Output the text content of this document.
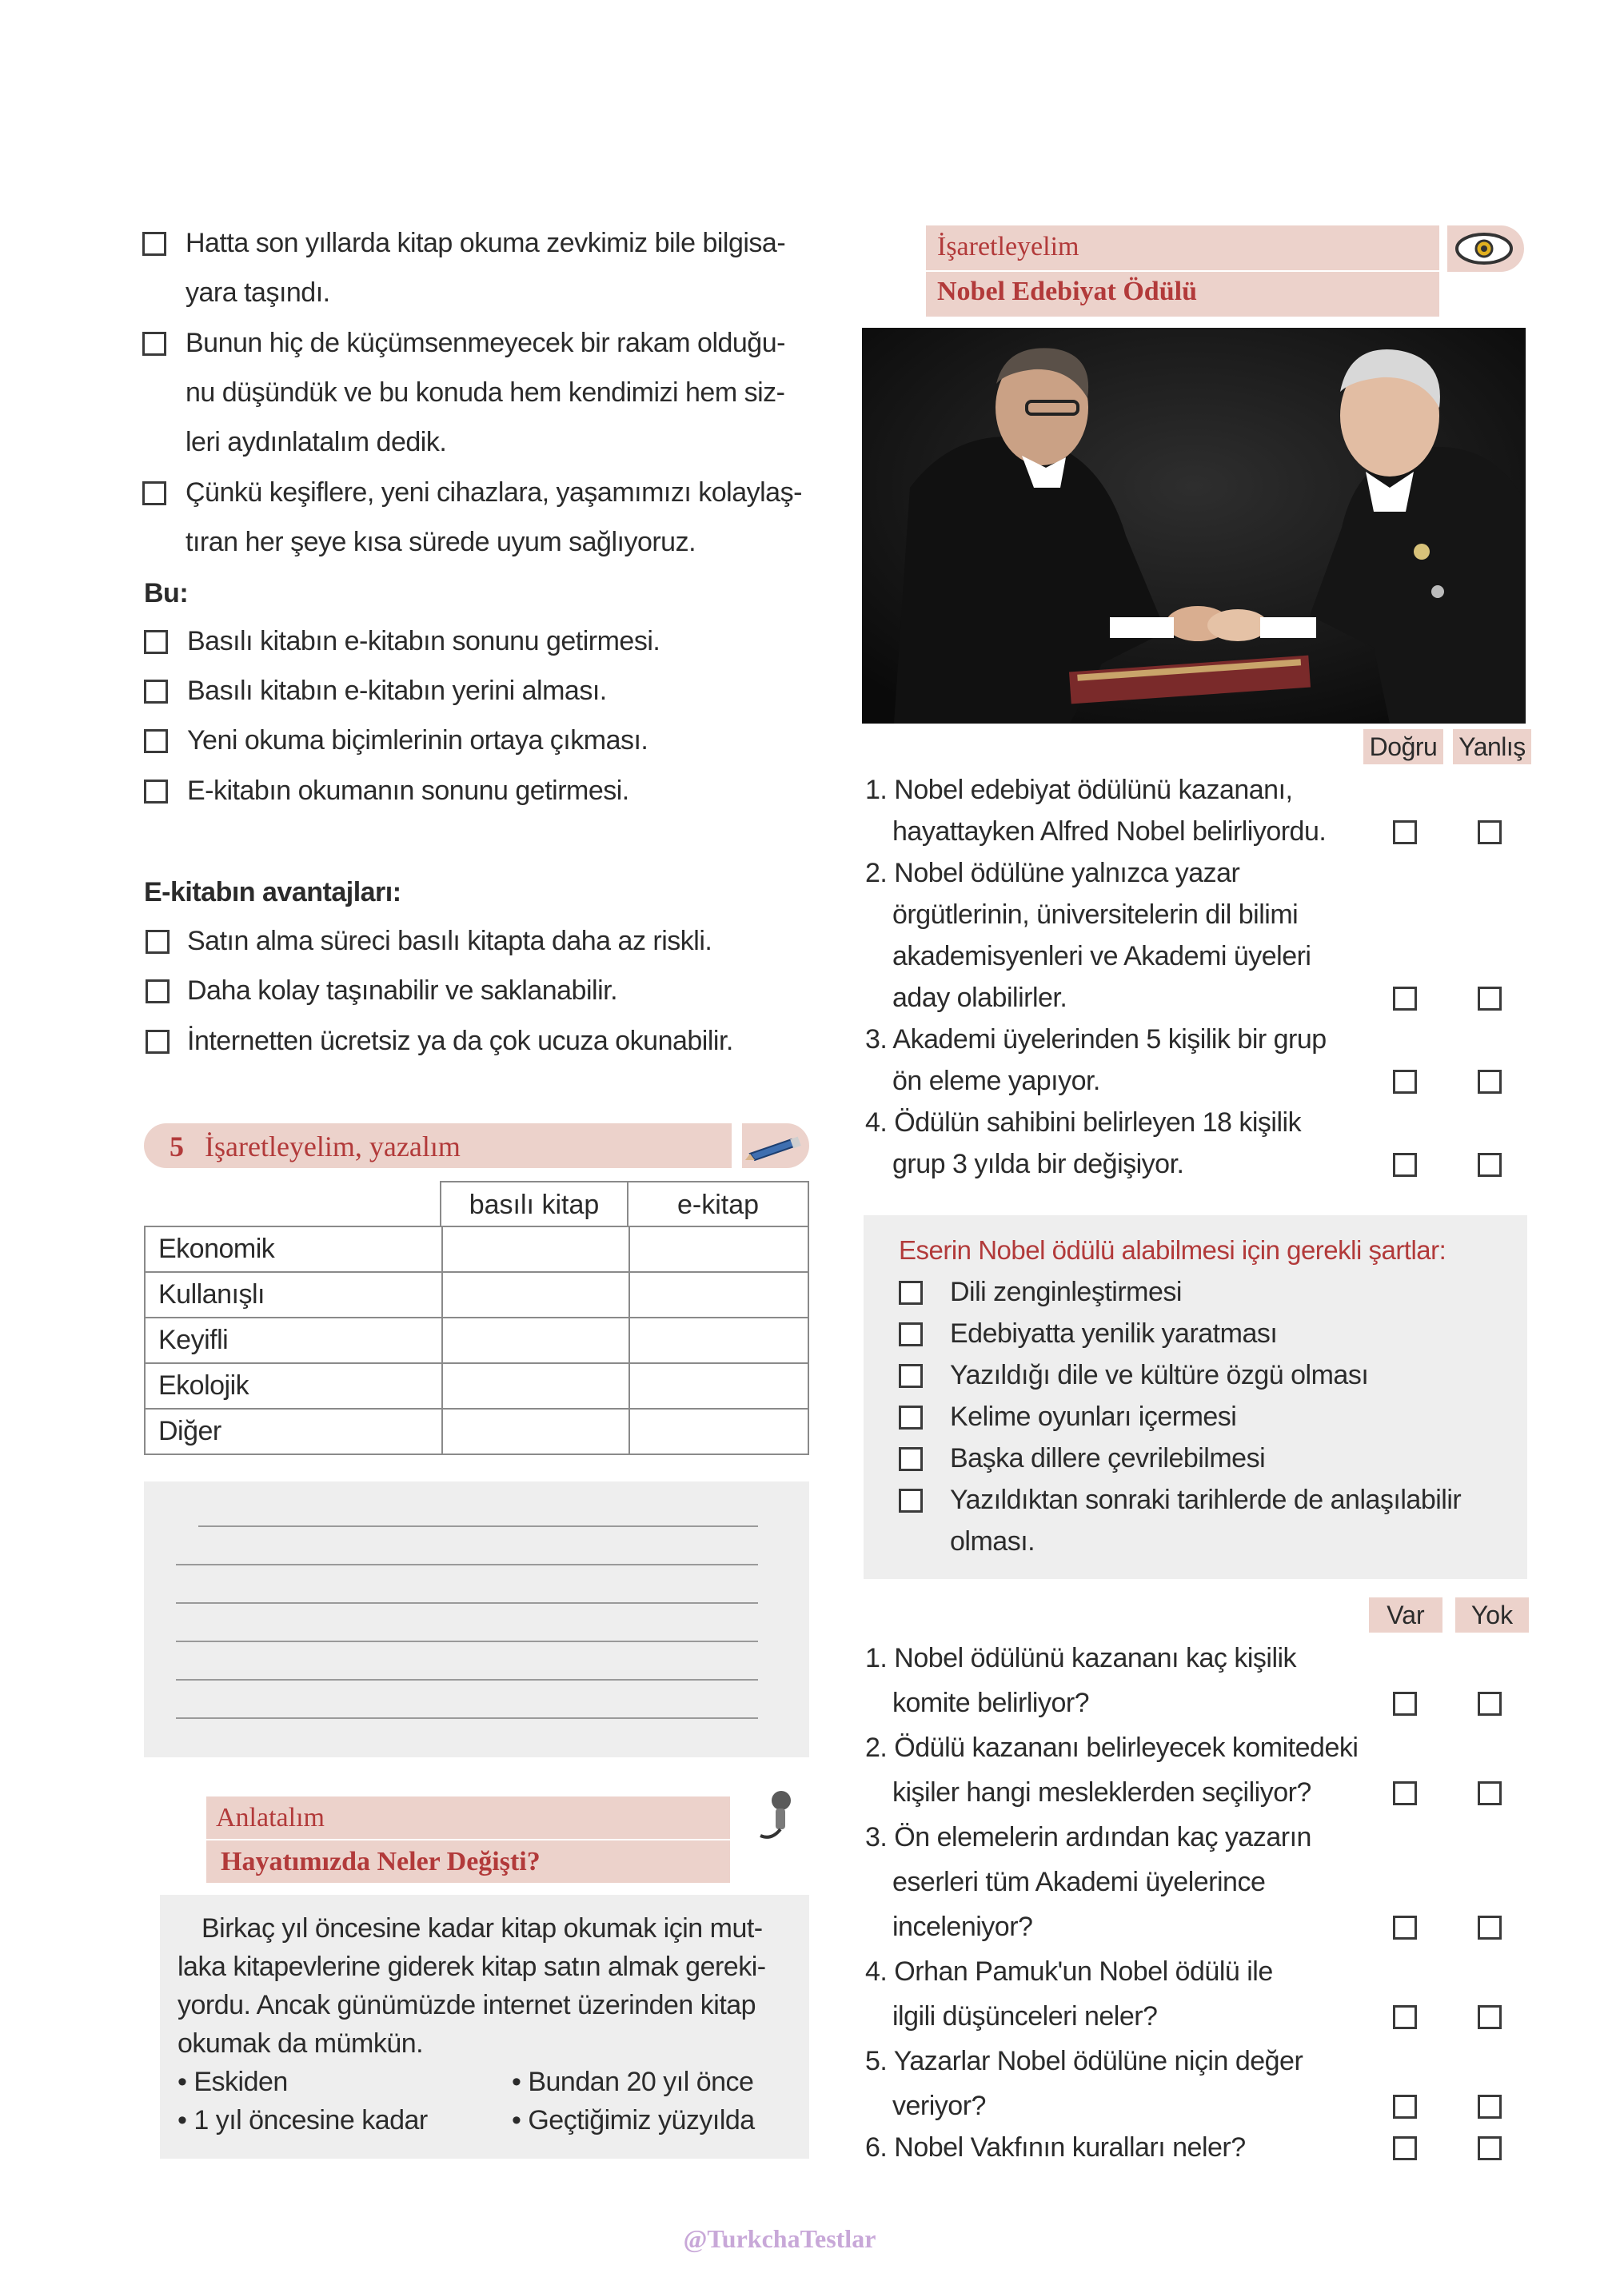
Hatta son yıllarda kitap okuma zevkimiz bile bilgisa-
yara taşındı.
Bunun hiç de küçümsenmeyecek bir rakam olduğu-
nu düşündük ve bu konuda hem kendimizi hem siz-
leri aydınlatalım dedik.
Çünkü keşiflere, yeni cihazlara, yaşamımızı kolaylaş-
tıran her şeye kısa sürede uyum sağlıyoruz.
Bu:
Basılı kitabın e-kitabın sonunu getirmesi.
Basılı kitabın e-kitabın yerini alması.
Yeni okuma biçimlerinin ortaya çıkması.
E-kitabın okumanın sonunu getirmesi.
E-kitabın avantajları:
Satın alma süreci basılı kitapta daha az riskli.
Daha kolay taşınabilir ve saklanabilir.
İnternetten ücretsiz ya da çok ucuza okunabilir.
5 İşaretleyelim, yazalım
basılı kitap	e-kitap
Ekonomik		
Kullanışlı		
Keyifli		
Ekolojik		
Diğer		
Anlatalım
Hayatımızda Neler Değişti?
Birkaç yıl öncesine kadar kitap okumak için mut-
laka kitapevlerine giderek kitap satın almak gereki-
yordu. Ancak günümüzde internet üzerinden kitap
okumak da mümkün.
• Eskiden
• 1 yıl öncesine kadar
• Bundan 20 yıl önce
• Geçtiğimiz yüzyılda
İşaretleyelim
Nobel Edebiyat Ödülü
Doğru Yanlış
1. Nobel edebiyat ödülünü kazananı,
hayattayken Alfred Nobel belirliyordu.
2. Nobel ödülüne yalnızca yazar
örgütlerinin, üniversitelerin dil bilimi
akademisyenleri ve Akademi üyeleri
aday olabilirler.
3. Akademi üyelerinden 5 kişilik bir grup
ön eleme yapıyor.
4. Ödülün sahibini belirleyen 18 kişilik
grup 3 yılda bir değişiyor.
Eserin Nobel ödülü alabilmesi için gerekli şartlar:
Dili zenginleştirmesi
Edebiyatta yenilik yaratması
Yazıldığı dile ve kültüre özgü olması
Kelime oyunları içermesi
Başka dillere çevrilebilmesi
Yazıldıktan sonraki tarihlerde de anlaşılabilir
olması.
Var	Yok
1. Nobel ödülünü kazananı kaç kişilik
komite belirliyor?
2. Ödülü kazananı belirleyecek komitedeki
kişiler hangi mesleklerden seçiliyor?
3. Ön elemelerin ardından kaç yazarın
eserleri tüm Akademi üyelerince
inceleniyor?
4. Orhan Pamuk'un Nobel ödülü ile
ilgili düşünceleri neler?
5. Yazarlar Nobel ödülüne niçin değer
veriyor?
6. Nobel Vakfının kuralları neler?
@TurkchaTestlar
